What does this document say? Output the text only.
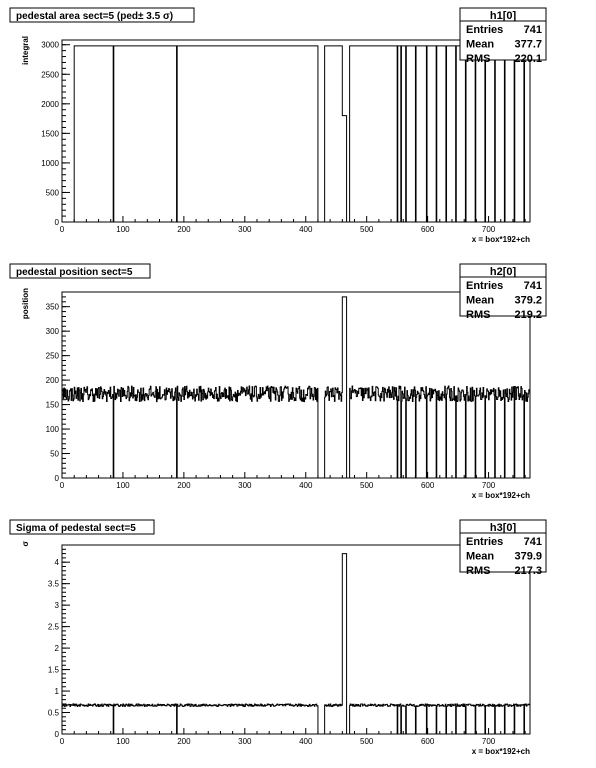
pedestal area sect=5 (ped± 3.5 σ)
0	100	200	300	400	500	600	700
0
500
1000
1500
2000
2500
3000
x = box*192+ch
integral
h1[0]
Entries 741
Mean 377.7
RMS 220.1
pedestal position sect=5
0	100	200	300	400	500	600	700
0
50
100
150
200
250
300
350
x = box*192+ch
position
h2[0]
Entries 741
Mean 379.2
RMS 219.2
Sigma of pedestal sect=5
0	100	200	300	400	500	600	700
0
0.5
1
1.5
2
2.5
3
3.5
4
x = box*192+ch
σ
h3[0]
Entries 741
Mean 379.9
RMS 217.3
